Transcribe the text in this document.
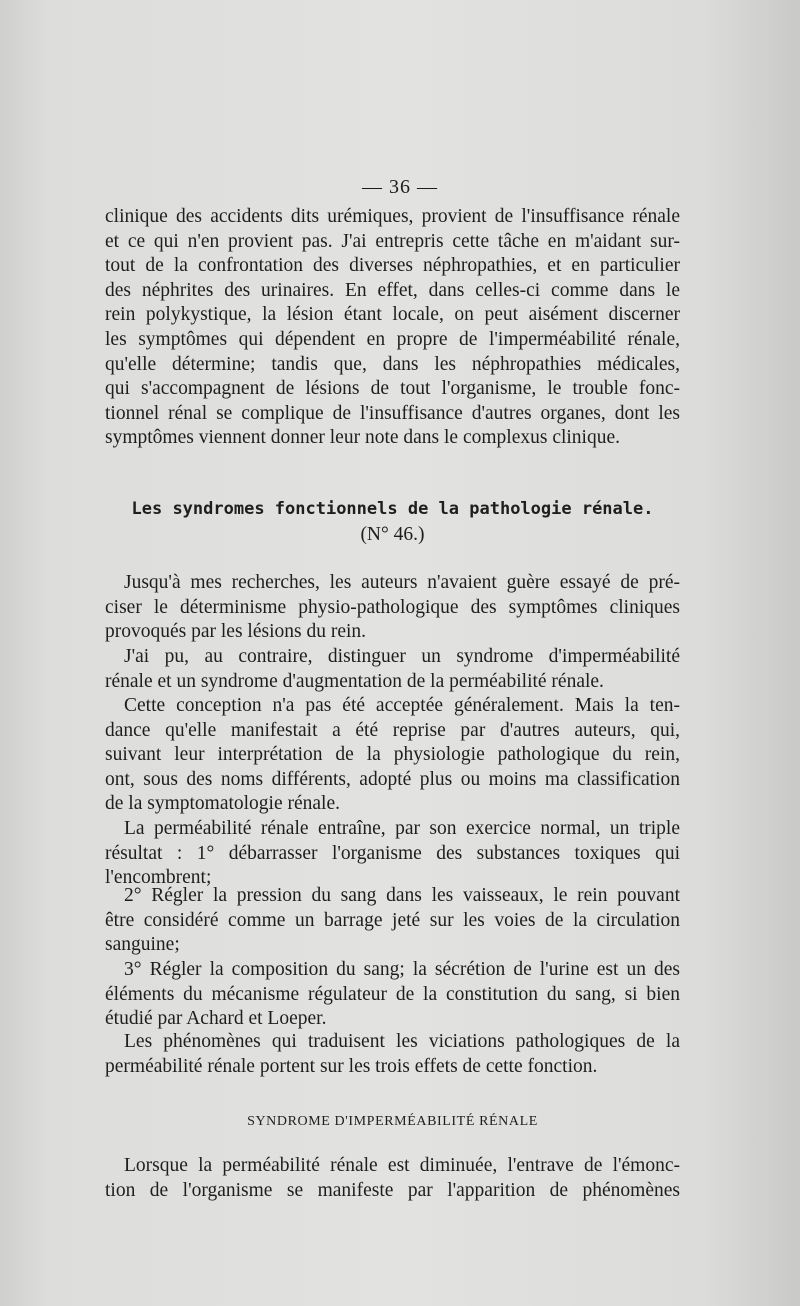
— 36 —
clinique des accidents dits urémiques, provient de l'insuffisance rénale
et ce qui n'en provient pas. J'ai entrepris cette tâche en m'aidant sur-
tout de la confrontation des diverses néphropathies, et en particulier
des néphrites des urinaires. En effet, dans celles-ci comme dans le
rein polykystique, la lésion étant locale, on peut aisément discerner
les symptômes qui dépendent en propre de l'imperméabilité rénale,
qu'elle détermine; tandis que, dans les néphropathies médicales,
qui s'accompagnent de lésions de tout l'organisme, le trouble fonc-
tionnel rénal se complique de l'insuffisance d'autres organes, dont les
symptômes viennent donner leur note dans le complexus clinique.
Les syndromes fonctionnels de la pathologie rénale.
(N° 46.)
Jusqu'à mes recherches, les auteurs n'avaient guère essayé de pré-
ciser le déterminisme physio-pathologique des symptômes cliniques
provoqués par les lésions du rein.
J'ai pu, au contraire, distinguer un syndrome d'imperméabilité
rénale et un syndrome d'augmentation de la perméabilité rénale.
Cette conception n'a pas été acceptée généralement. Mais la ten-
dance qu'elle manifestait a été reprise par d'autres auteurs, qui,
suivant leur interprétation de la physiologie pathologique du rein,
ont, sous des noms différents, adopté plus ou moins ma classification
de la symptomatologie rénale.
La perméabilité rénale entraîne, par son exercice normal, un triple
résultat : 1° débarrasser l'organisme des substances toxiques qui
l'encombrent;
2° Régler la pression du sang dans les vaisseaux, le rein pouvant
être considéré comme un barrage jeté sur les voies de la circulation
sanguine;
3° Régler la composition du sang; la sécrétion de l'urine est un des
éléments du mécanisme régulateur de la constitution du sang, si bien
étudié par Achard et Loeper.
Les phénomènes qui traduisent les viciations pathologiques de la
perméabilité rénale portent sur les trois effets de cette fonction.
SYNDROME D'IMPERMÉABILITÉ RÉNALE
Lorsque la perméabilité rénale est diminuée, l'entrave de l'émonc-
tion de l'organisme se manifeste par l'apparition de phénomènes
